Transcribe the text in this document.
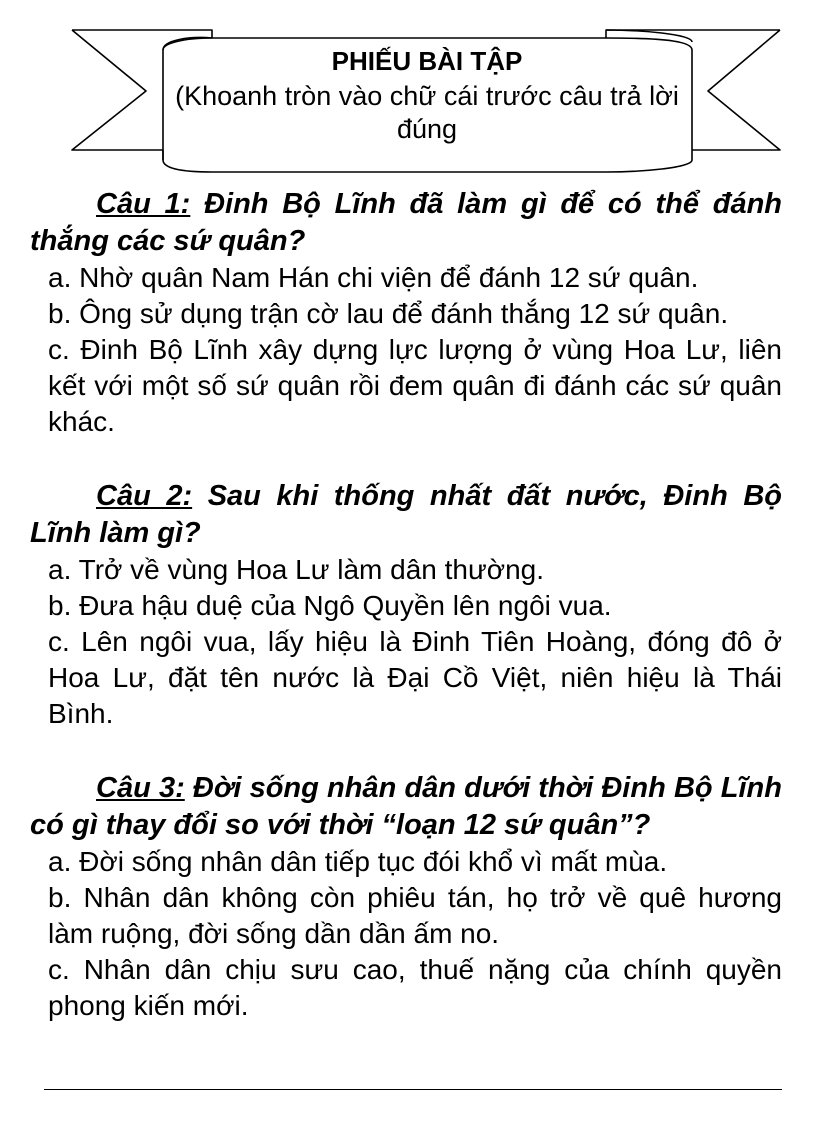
PHIẾU BÀI TẬP
(Khoanh tròn vào chữ cái trước câu trả lời đúng

Câu 1: Đinh Bộ Lĩnh đã làm gì để có thể đánh thắng các sứ quân?

a. Nhờ quân Nam Hán chi viện để đánh 12 sứ quân.

b. Ông sử dụng trận cờ lau để đánh thắng 12 sứ quân.

c. Đinh Bộ Lĩnh xây dựng lực lượng ở vùng Hoa Lư, liên kết với một số sứ quân rồi đem quân đi đánh các sứ quân khác.

Câu 2: Sau khi thống nhất đất nước, Đinh Bộ Lĩnh làm gì?

a. Trở về vùng Hoa Lư làm dân thường.

b. Đưa hậu duệ của Ngô Quyền lên ngôi vua.

c. Lên ngôi vua, lấy hiệu là Đinh Tiên Hoàng, đóng đô ở Hoa Lư, đặt tên nước là Đại Cồ Việt, niên hiệu là Thái Bình.

Câu 3: Đời sống nhân dân dưới thời Đinh Bộ Lĩnh có gì thay đổi so với thời “loạn 12 sứ quân”?

a. Đời sống nhân dân tiếp tục đói khổ vì mất mùa.

b. Nhân dân không còn phiêu tán, họ trở về quê hương làm ruộng, đời sống dần dần ấm no.

c. Nhân dân chịu sưu cao, thuế nặng của chính quyền phong kiến mới.
